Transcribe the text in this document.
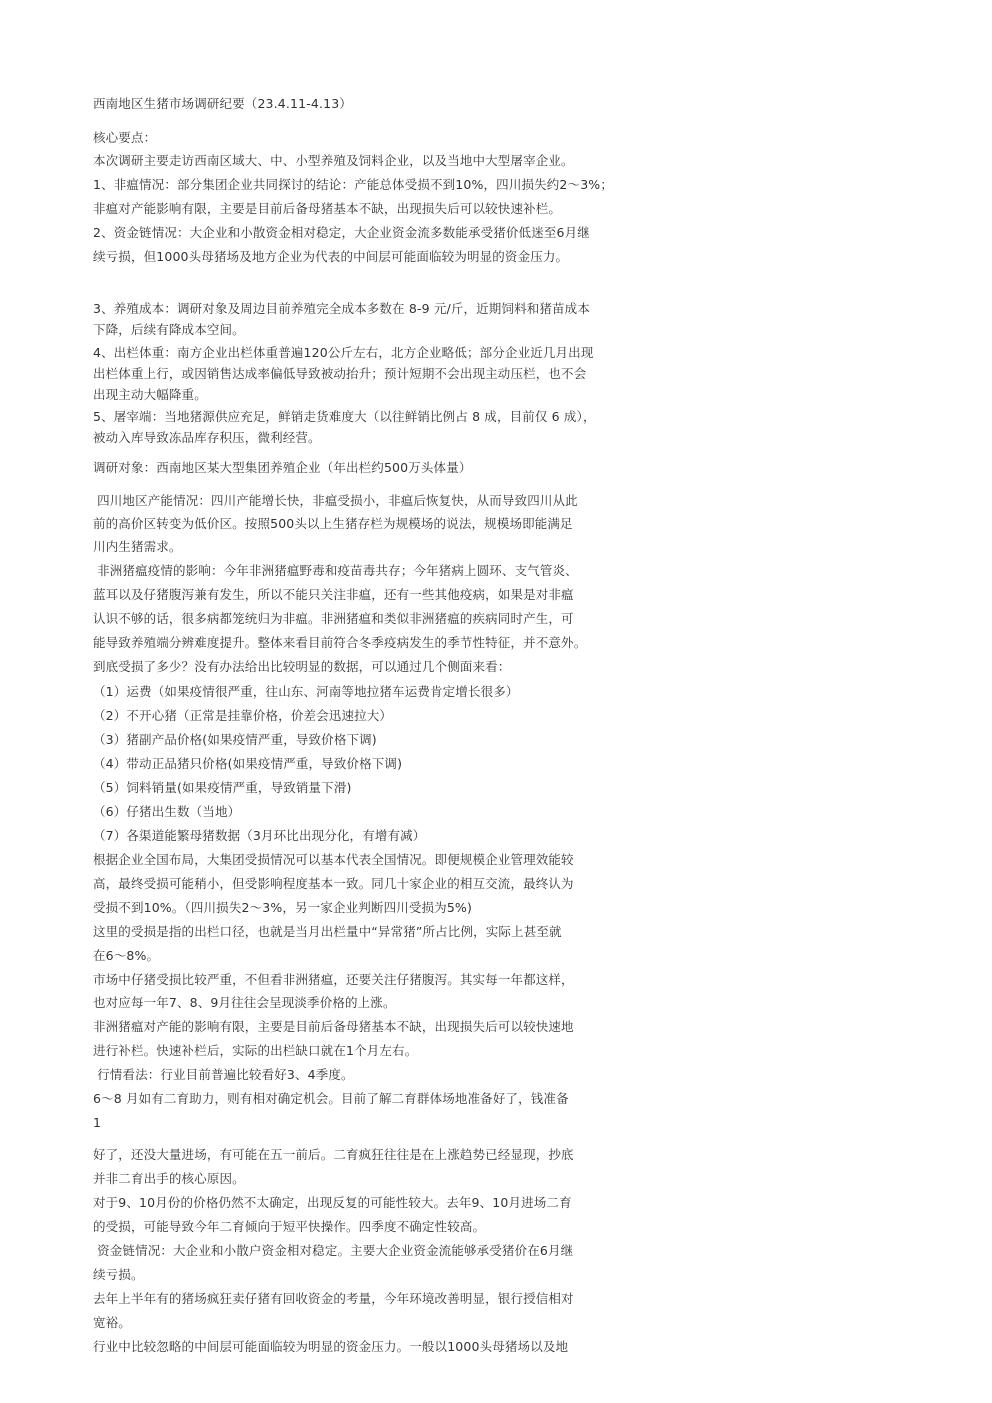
西南地区生猪市场调研纪要（23.4.11-4.13）
核心要点：
本次调研主要走访西南区域大、中、小型养殖及饲料企业，以及当地中大型屠宰企业。
1、非瘟情况：部分集团企业共同探讨的结论：产能总体受损不到10%，四川损失约2～3%；
非瘟对产能影响有限，主要是目前后备母猪基本不缺，出现损失后可以较快速补栏。
2、资金链情况：大企业和小散资金相对稳定，大企业资金流多数能承受猪价低迷至6月继
续亏损，但1000头母猪场及地方企业为代表的中间层可能面临较为明显的资金压力。
3、养殖成本：调研对象及周边目前养殖完全成本多数在 8-9 元/斤，近期饲料和猪苗成本
下降，后续有降成本空间。
4、出栏体重：南方企业出栏体重普遍120公斤左右，北方企业略低；部分企业近几月出现
出栏体重上行，或因销售达成率偏低导致被动抬升；预计短期不会出现主动压栏，也不会
出现主动大幅降重。
5、屠宰端：当地猪源供应充足，鲜销走货难度大（以往鲜销比例占 8 成，目前仅 6 成），
被动入库导致冻品库存积压，微利经营。
调研对象：西南地区某大型集团养殖企业（年出栏约500万头体量）
四川地区产能情况：四川产能增长快，非瘟受损小，非瘟后恢复快，从而导致四川从此
前的高价区转变为低价区。按照500头以上生猪存栏为规模场的说法，规模场即能满足
川内生猪需求。
非洲猪瘟疫情的影响：今年非洲猪瘟野毒和疫苗毒共存；今年猪病上圆环、支气管炎、
蓝耳以及仔猪腹泻兼有发生，所以不能只关注非瘟，还有一些其他疫病，如果是对非瘟
认识不够的话，很多病都笼统归为非瘟。非洲猪瘟和类似非洲猪瘟的疾病同时产生，可
能导致养殖端分辨难度提升。整体来看目前符合冬季疫病发生的季节性特征，并不意外。
到底受损了多少？没有办法给出比较明显的数据，可以通过几个侧面来看：
（1）运费（如果疫情很严重，往山东、河南等地拉猪车运费肯定增长很多）
（2）不开心猪（正常是挂靠价格，价差会迅速拉大）
（3）猪副产品价格(如果疫情严重，导致价格下调)
（4）带动正品猪只价格(如果疫情严重，导致价格下调)
（5）饲料销量(如果疫情严重，导致销量下滑)
（6）仔猪出生数（当地）
（7）各渠道能繁母猪数据（3月环比出现分化，有增有减）
根据企业全国布局，大集团受损情况可以基本代表全国情况。即便规模企业管理效能较
高，最终受损可能稍小，但受影响程度基本一致。同几十家企业的相互交流，最终认为
受损不到10%。（四川损失2～3%，另一家企业判断四川受损为5%)
这里的受损是指的出栏口径，也就是当月出栏量中“异常猪”所占比例，实际上甚至就
在6～8%。
市场中仔猪受损比较严重，不但看非洲猪瘟，还要关注仔猪腹泻。其实每一年都这样，
也对应每一年7、8、9月往往会呈现淡季价格的上涨。
非洲猪瘟对产能的影响有限，主要是目前后备母猪基本不缺，出现损失后可以较快速地
进行补栏。快速补栏后，实际的出栏缺口就在1个月左右。
行情看法：行业目前普遍比较看好3、4季度。
6～8 月如有二育助力，则有相对确定机会。目前了解二育群体场地准备好了，钱准备
1
好了，还没大量进场，有可能在五一前后。二育疯狂往往是在上涨趋势已经显现，抄底
并非二育出手的核心原因。
对于9、10月份的价格仍然不太确定，出现反复的可能性较大。去年9、10月进场二育
的受损，可能导致今年二育倾向于短平快操作。四季度不确定性较高。
资金链情况：大企业和小散户资金相对稳定。主要大企业资金流能够承受猪价在6月继
续亏损。
去年上半年有的猪场疯狂卖仔猪有回收资金的考量，今年环境改善明显，银行授信相对
宽裕。
行业中比较忽略的中间层可能面临较为明显的资金压力。一般以1000头母猪场以及地
